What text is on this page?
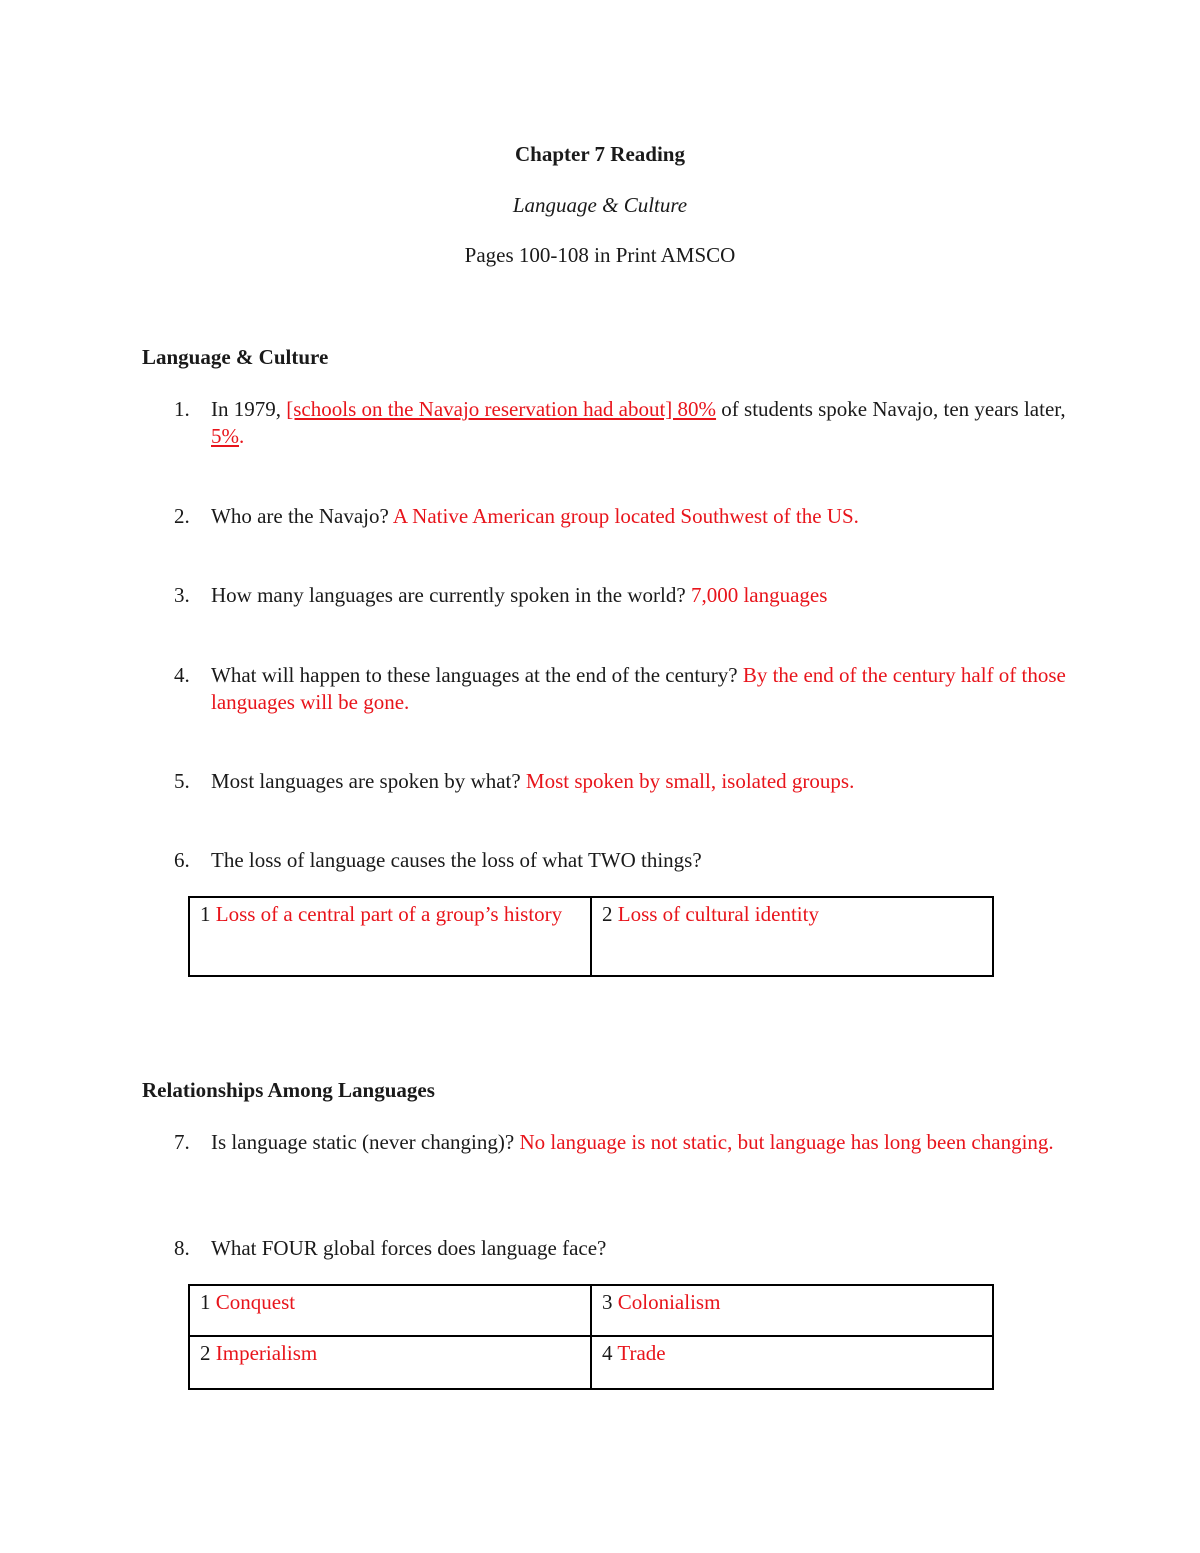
Chapter 7 Reading
Language & Culture
Pages 100-108 in Print AMSCO
Language & Culture
1. In 1979, [schools on the Navajo reservation had about] 80% of students spoke Navajo, ten years later, 5%.
2. Who are the Navajo? A Native American group located Southwest of the US.
3. How many languages are currently spoken in the world? 7,000 languages
4. What will happen to these languages at the end of the century? By the end of the century half of those languages will be gone.
5. Most languages are spoken by what? Most spoken by small, isolated groups.
6. The loss of language causes the loss of what TWO things?
1 Loss of a central part of a group’s history	2 Loss of cultural identity
Relationships Among Languages
7. Is language static (never changing)? No language is not static, but language has long been changing.
8. What FOUR global forces does language face?
1 Conquest	3 Colonialism
2 Imperialism	4 Trade
